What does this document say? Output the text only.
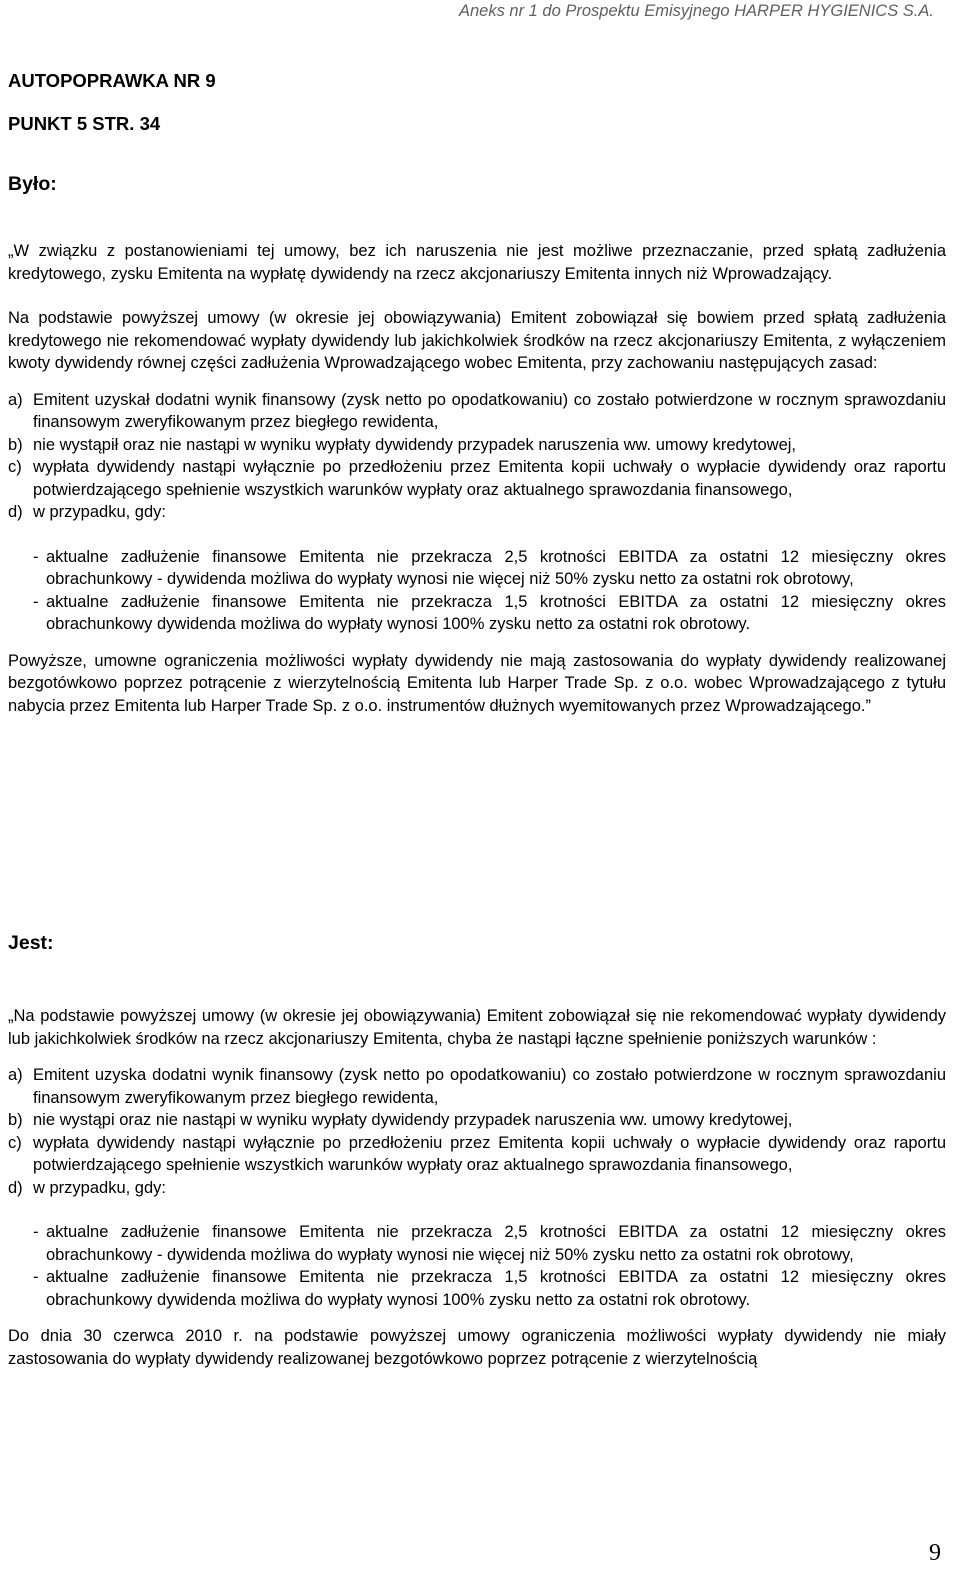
Aneks nr 1 do Prospektu Emisyjnego HARPER HYGIENICS S.A.
AUTOPOPRAWKA NR 9
PUNKT 5 STR. 34
Było:

„W związku z postanowieniami tej umowy, bez ich naruszenia nie jest możliwe przeznaczanie, przed spłatą zadłużenia kredytowego, zysku Emitenta na wypłatę dywidendy na rzecz akcjonariuszy Emitenta innych niż Wprowadzający.

Na podstawie powyższej umowy (w okresie jej obowiązywania) Emitent zobowiązał się bowiem przed spłatą zadłużenia kredytowego nie rekomendować wypłaty dywidendy lub jakichkolwiek środków na rzecz akcjonariuszy Emitenta, z wyłączeniem kwoty dywidendy równej części zadłużenia Wprowadzającego wobec Emitenta, przy zachowaniu następujących zasad:

a) Emitent uzyskał dodatni wynik finansowy (zysk netto po opodatkowaniu) co zostało potwierdzone w rocznym sprawozdaniu finansowym zweryfikowanym przez biegłego rewidenta,
b) nie wystąpił oraz nie nastąpi w wyniku wypłaty dywidendy przypadek naruszenia ww. umowy kredytowej,
c) wypłata dywidendy nastąpi wyłącznie po przedłożeniu przez Emitenta kopii uchwały o wypłacie dywidendy oraz raportu potwierdzającego spełnienie wszystkich warunków wypłaty oraz aktualnego sprawozdania finansowego,
d) w przypadku, gdy:
- aktualne zadłużenie finansowe Emitenta nie przekracza 2,5 krotności EBITDA za ostatni 12 miesięczny okres obrachunkowy - dywidenda możliwa do wypłaty wynosi nie więcej niż 50% zysku netto za ostatni rok obrotowy,
- aktualne zadłużenie finansowe Emitenta nie przekracza 1,5 krotności EBITDA za ostatni 12 miesięczny okres obrachunkowy dywidenda możliwa do wypłaty wynosi 100% zysku netto za ostatni rok obrotowy.

Powyższe, umowne ograniczenia możliwości wypłaty dywidendy nie mają zastosowania do wypłaty dywidendy realizowanej bezgotówkowo poprzez potrącenie z wierzytelnością Emitenta lub Harper Trade Sp. z o.o. wobec Wprowadzającego z tytułu nabycia przez Emitenta lub Harper Trade Sp. z o.o. instrumentów dłużnych wyemitowanych przez Wprowadzającego.”

Jest:

„Na podstawie powyższej umowy (w okresie jej obowiązywania) Emitent zobowiązał się nie rekomendować wypłaty dywidendy lub jakichkolwiek środków na rzecz akcjonariuszy Emitenta, chyba że nastąpi łączne spełnienie poniższych warunków :

a) Emitent uzyska dodatni wynik finansowy (zysk netto po opodatkowaniu) co zostało potwierdzone w rocznym sprawozdaniu finansowym zweryfikowanym przez biegłego rewidenta,
b) nie wystąpi oraz nie nastąpi w wyniku wypłaty dywidendy przypadek naruszenia ww. umowy kredytowej,
c) wypłata dywidendy nastąpi wyłącznie po przedłożeniu przez Emitenta kopii uchwały o wypłacie dywidendy oraz raportu potwierdzającego spełnienie wszystkich warunków wypłaty oraz aktualnego sprawozdania finansowego,
d) w przypadku, gdy:
- aktualne zadłużenie finansowe Emitenta nie przekracza 2,5 krotności EBITDA za ostatni 12 miesięczny okres obrachunkowy - dywidenda możliwa do wypłaty wynosi nie więcej niż 50% zysku netto za ostatni rok obrotowy,
- aktualne zadłużenie finansowe Emitenta nie przekracza 1,5 krotności EBITDA za ostatni 12 miesięczny okres obrachunkowy dywidenda możliwa do wypłaty wynosi 100% zysku netto za ostatni rok obrotowy.

Do dnia 30 czerwca 2010 r. na podstawie powyższej umowy ograniczenia możliwości wypłaty dywidendy nie miały zastosowania do wypłaty dywidendy realizowanej bezgotówkowo poprzez potrącenie z wierzytelnością

9
